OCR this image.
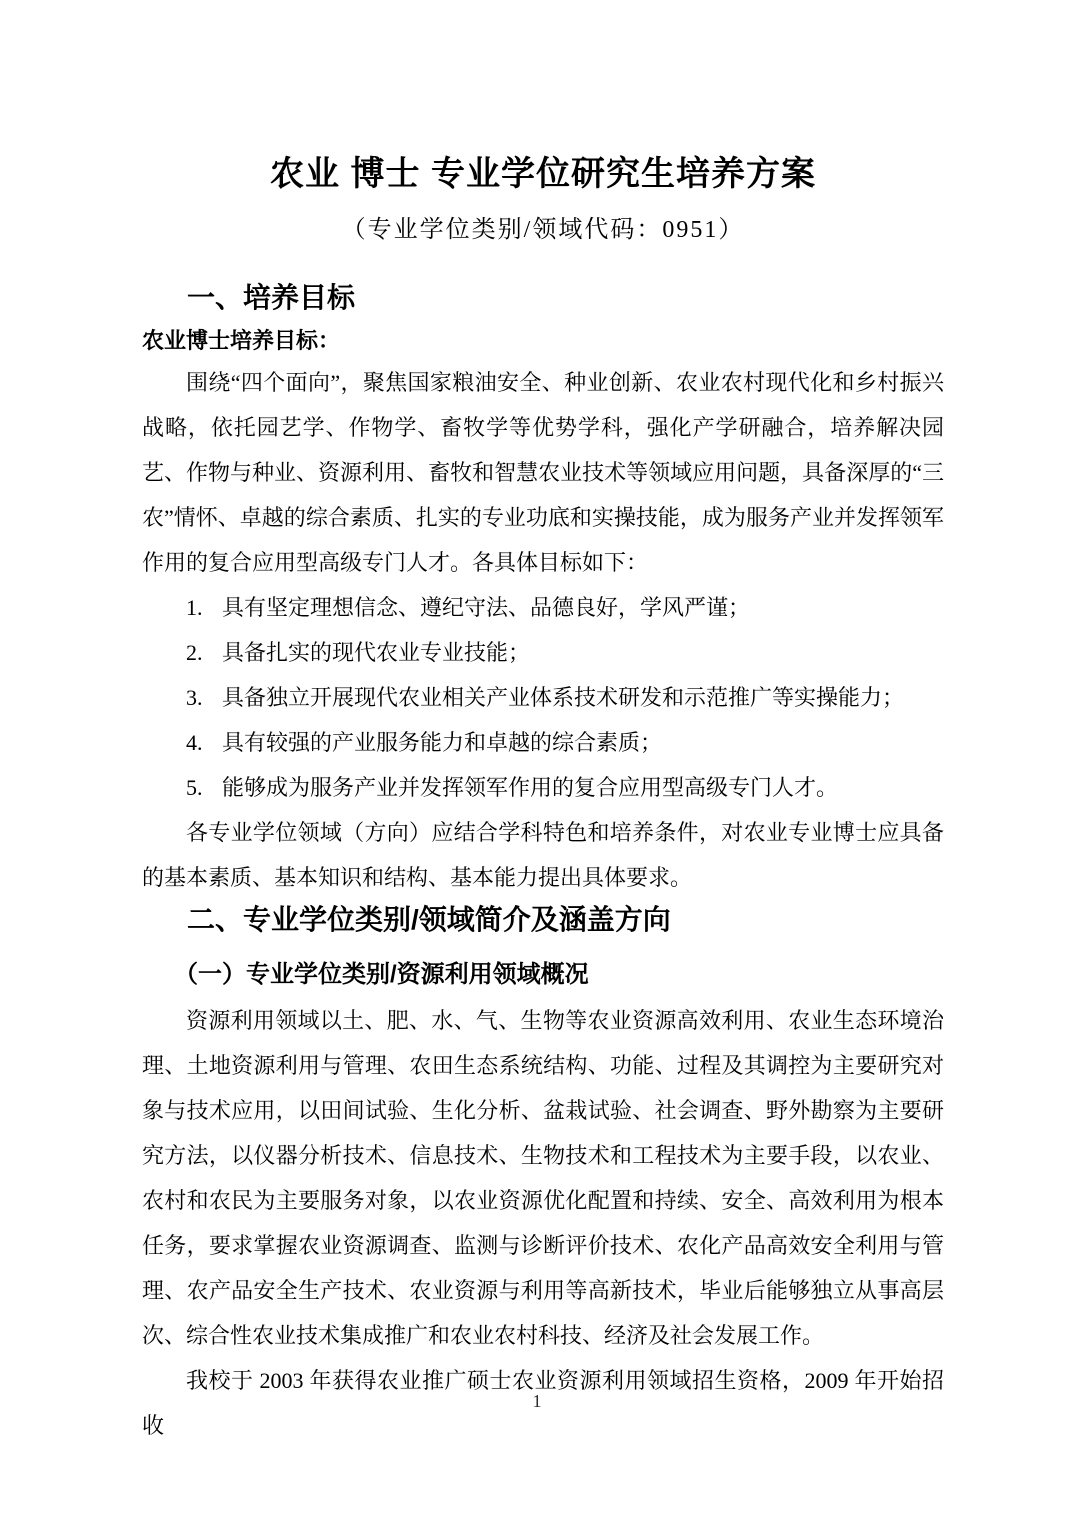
农业 博士 专业学位研究生培养方案
（专业学位类别/领域代码：0951）
一、培养目标

农业博士培养目标：

围绕“四个面向”，聚焦国家粮油安全、种业创新、农业农村现代化和乡村振兴战略，依托园艺学、作物学、畜牧学等优势学科，强化产学研融合，培养解决园艺、作物与种业、资源利用、畜牧和智慧农业技术等领域应用问题，具备深厚的“三农”情怀、卓越的综合素质、扎实的专业功底和实操技能，成为服务产业并发挥领军作用的复合应用型高级专门人才。各具体目标如下：

1. 具有坚定理想信念、遵纪守法、品德良好，学风严谨；
2. 具备扎实的现代农业专业技能；
3. 具备独立开展现代农业相关产业体系技术研发和示范推广等实操能力；
4. 具有较强的产业服务能力和卓越的综合素质；
5. 能够成为服务产业并发挥领军作用的复合应用型高级专门人才。

各专业学位领域（方向）应结合学科特色和培养条件，对农业专业博士应具备的基本素质、基本知识和结构、基本能力提出具体要求。

二、专业学位类别/领域简介及涵盖方向
（一）专业学位类别/资源利用领域概况

资源利用领域以土、肥、水、气、生物等农业资源高效利用、农业生态环境治理、土地资源利用与管理、农田生态系统结构、功能、过程及其调控为主要研究对象与技术应用，以田间试验、生化分析、盆栽试验、社会调查、野外勘察为主要研究方法，以仪器分析技术、信息技术、生物技术和工程技术为主要手段，以农业、农村和农民为主要服务对象，以农业资源优化配置和持续、安全、高效利用为根本任务，要求掌握农业资源调查、监测与诊断评价技术、农化产品高效安全利用与管理、农产品安全生产技术、农业资源与利用等高新技术，毕业后能够独立从事高层次、综合性农业技术集成推广和农业农村科技、经济及社会发展工作。

我校于 2003 年获得农业推广硕士农业资源利用领域招生资格，2009 年开始招收

1
